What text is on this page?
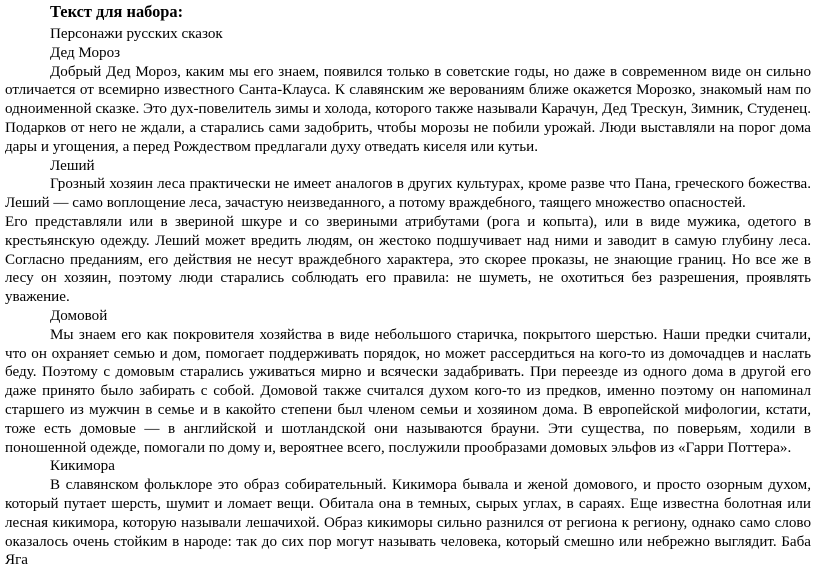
Текст для набора:

Персонажи русских сказок

Дед Мороз

Добрый Дед Мороз, каким мы его знаем, появился только в советские годы, но даже в современном виде он сильно отличается от всемирно известного Санта-Клауса. К славянским же верованиям ближе окажется Морозко, знакомый нам по одноименной сказке. Это дух-повелитель зимы и холода, которого также называли Карачун, Дед Трескун, Зимник, Студенец. Подарков от него не ждали, а старались сами задобрить, чтобы морозы не побили урожай. Люди выставляли на порог дома дары и угощения, а перед Рождеством предлагали духу отведать киселя или кутьи.

Леший

Грозный хозяин леса практически не имеет аналогов в других культурах, кроме разве что Пана, греческого божества. Леший — само воплощение леса, зачастую неизведанного, а потому враждебного, таящего множество опасностей.

Его представляли или в звериной шкуре и со звериными атрибутами (рога и копыта), или в виде мужика, одетого в крестьянскую одежду. Леший может вредить людям, он жестоко подшучивает над ними и заводит в самую глубину леса. Согласно преданиям, его действия не несут враждебного характера, это скорее проказы, не знающие границ. Но все же в лесу он хозяин, поэтому люди старались соблюдать его правила: не шуметь, не охотиться без разрешения, проявлять уважение.

Домовой

Мы знаем его как покровителя хозяйства в виде небольшого старичка, покрытого шерстью. Наши предки считали, что он охраняет семью и дом, помогает поддерживать порядок, но может рассердиться на кого-то из домочадцев и наслать беду. Поэтому с домовым старались уживаться мирно и всячески задабривать. При переезде из одного дома в другой его даже принято было забирать с собой. Домовой также считался духом кого-то из предков, именно поэтому он напоминал старшего из мужчин в семье и в какойто степени был членом семьи и хозяином дома. В европейской мифологии, кстати, тоже есть домовые — в английской и шотландской они называются брауни. Эти существа, по поверьям, ходили в поношенной одежде, помогали по дому и, вероятнее всего, послужили прообразами домовых эльфов из «Гарри Поттера».

Кикимора

В славянском фольклоре это образ собирательный. Кикимора бывала и женой домового, и просто озорным духом, который путает шерсть, шумит и ломает вещи. Обитала она в темных, сырых углах, в сараях. Еще известна болотная или лесная кикимора, которую называли лешачихой. Образ кикиморы сильно разнился от региона к региону, однако само слово оказалось очень стойким в народе: так до сих пор могут называть человека, который смешно или небрежно выглядит. Баба Яга
